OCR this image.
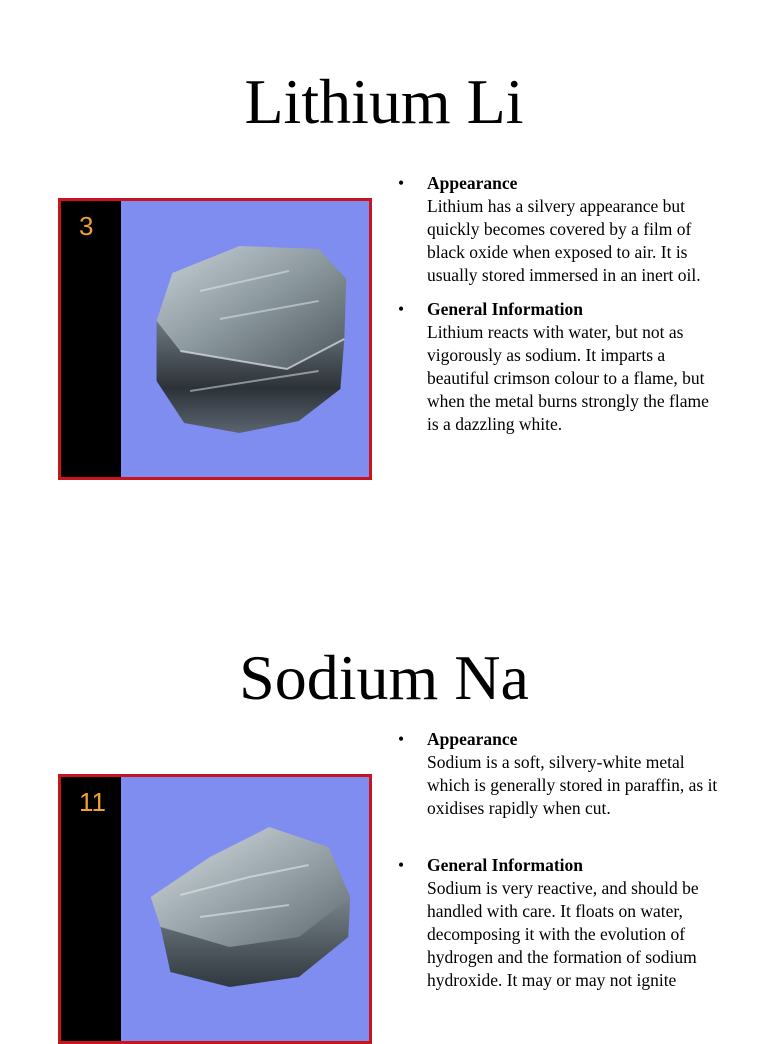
Lithium Li
3
• Appearance
Lithium has a silvery appearance but quickly becomes covered by a film of black oxide when exposed to air. It is usually stored immersed in an inert oil.
• General Information
Lithium reacts with water, but not as vigorously as sodium. It imparts a beautiful crimson colour to a flame, but when the metal burns strongly the flame is a dazzling white.
Sodium Na
11
• Appearance
Sodium is a soft, silvery-white metal which is generally stored in paraffin, as it oxidises rapidly when cut.
• General Information
Sodium is very reactive, and should be handled with care. It floats on water, decomposing it with the evolution of hydrogen and the formation of sodium hydroxide. It may or may not ignite
